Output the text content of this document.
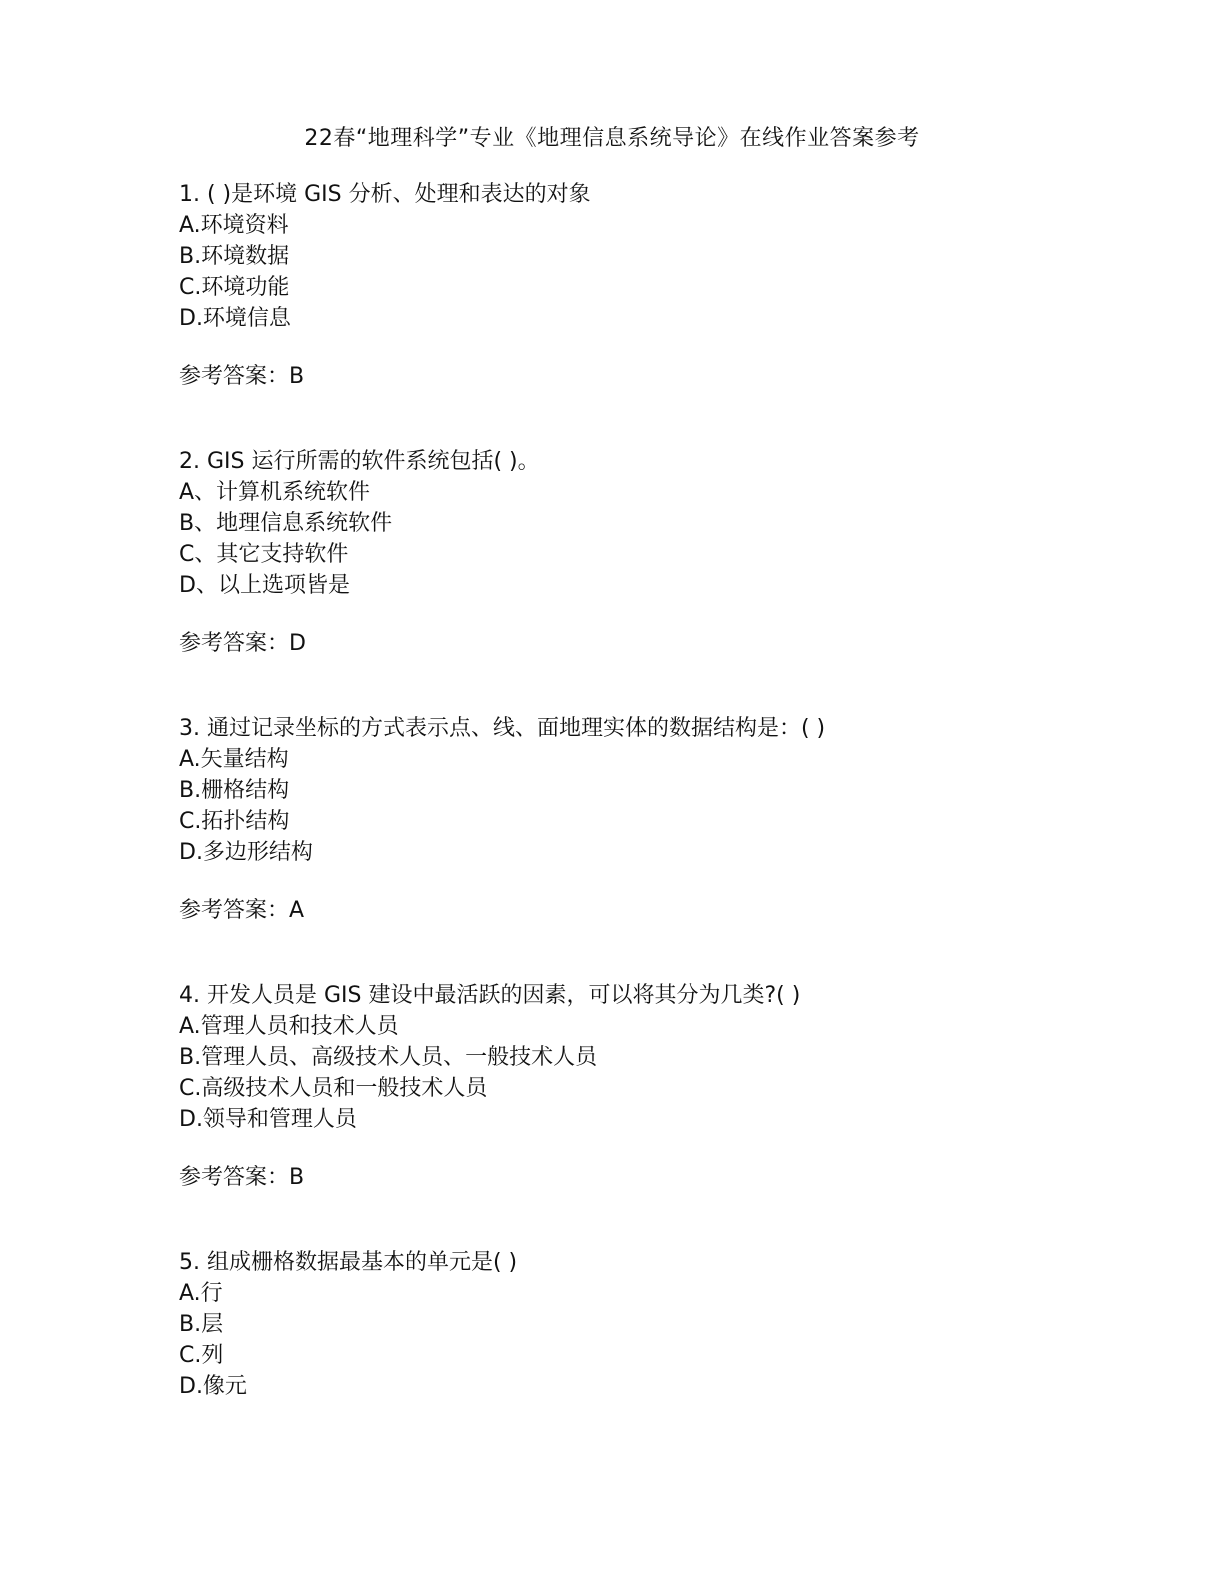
22春“地理科学”专业《地理信息系统导论》在线作业答案参考
1. ( )是环境 GIS 分析、处理和表达的对象
A.环境资料
B.环境数据
C.环境功能
D.环境信息
参考答案：B
2. GIS 运行所需的软件系统包括( )。
A、计算机系统软件
B、地理信息系统软件
C、其它支持软件
D、以上选项皆是
参考答案：D
3. 通过记录坐标的方式表示点、线、面地理实体的数据结构是：( )
A.矢量结构
B.栅格结构
C.拓扑结构
D.多边形结构
参考答案：A
4. 开发人员是 GIS 建设中最活跃的因素，可以将其分为几类?( )
A.管理人员和技术人员
B.管理人员、高级技术人员、一般技术人员
C.高级技术人员和一般技术人员
D.领导和管理人员
参考答案：B
5. 组成栅格数据最基本的单元是( )
A.行
B.层
C.列
D.像元
